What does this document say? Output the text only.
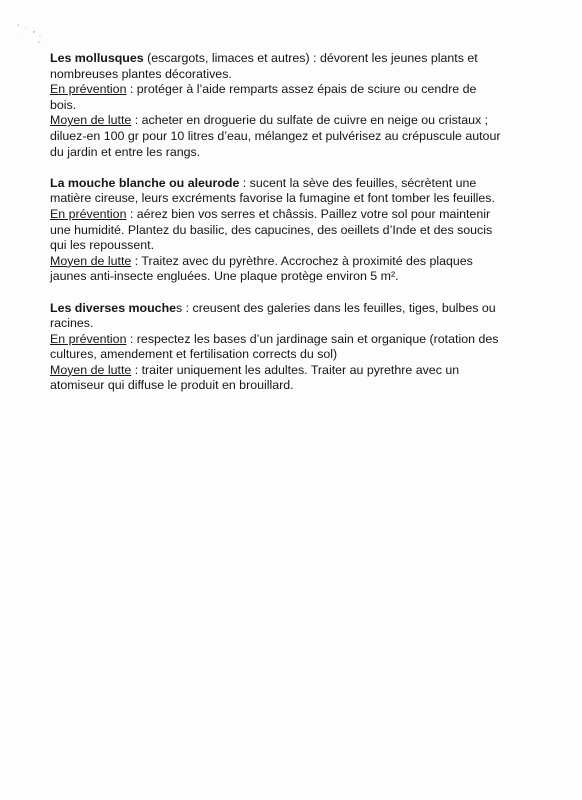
Les mollusques (escargots, limaces et autres) : dévorent les jeunes plants et
nombreuses plantes décoratives.
En prévention : protéger à l’aide remparts assez épais de sciure ou cendre de
bois.
Moyen de lutte : acheter en droguerie du sulfate de cuivre en neige ou cristaux ;
diluez-en 100 gr pour 10 litres d’eau, mélangez et pulvérisez au crépuscule autour
du jardin et entre les rangs.
La mouche blanche ou aleurode : sucent la sève des feuilles, sécrètent une
matière cireuse, leurs excréments favorise la fumagine et font tomber les feuilles.
En prévention : aérez bien vos serres et châssis. Paillez votre sol pour maintenir
une humidité. Plantez du basilic, des capucines, des oeillets d’Inde et des soucis
qui les repoussent.
Moyen de lutte : Traitez avec du pyrèthre. Accrochez à proximité des plaques
jaunes anti-insecte engluées. Une plaque protège environ 5 m².
Les diverses mouches : creusent des galeries dans les feuilles, tiges, bulbes ou
racines.
En prévention : respectez les bases d’un jardinage sain et organique (rotation des
cultures, amendement et fertilisation corrects du sol)
Moyen de lutte : traiter uniquement les adultes. Traiter au pyrethre avec un
atomiseur qui diffuse le produit en brouillard.
